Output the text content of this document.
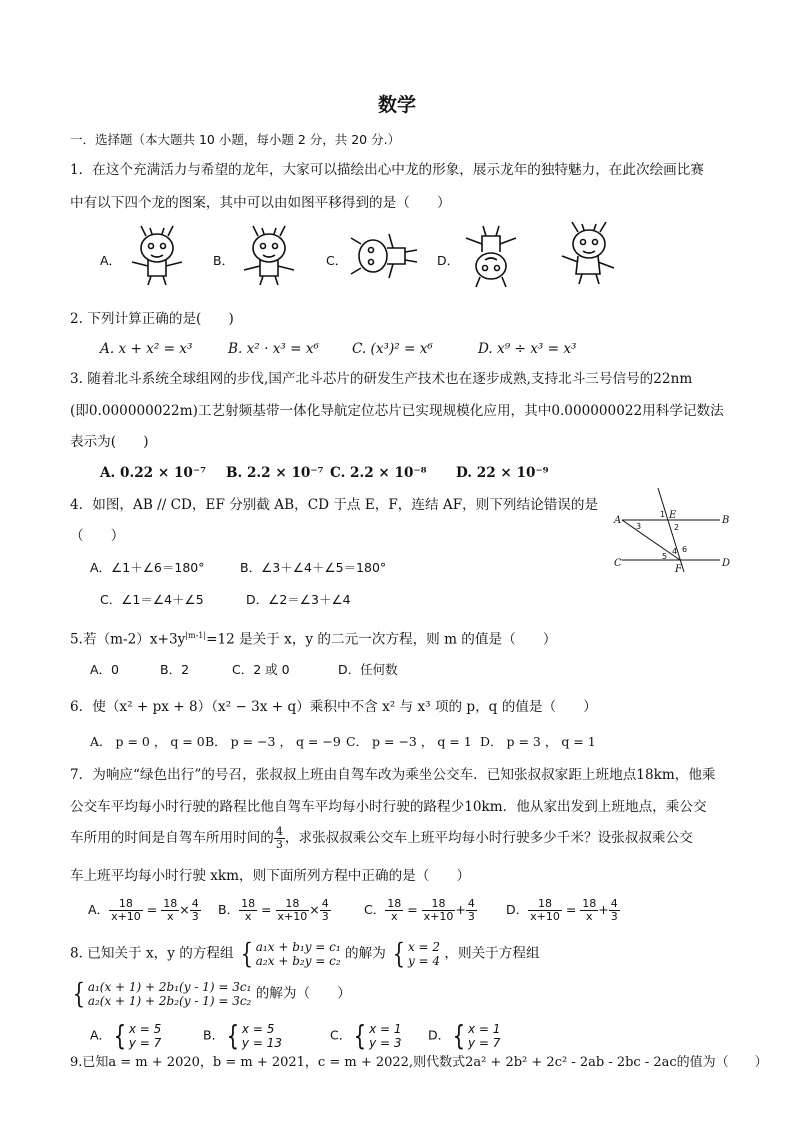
数学
一．选择题（本大题共 10 小题，每小题 2 分，共 20 分.）
1．在这个充满活力与希望的龙年，大家可以描绘出心中龙的形象，展示龙年的独特魅力，在此次绘画比赛
中有以下四个龙的图案，其中可以由如图平移得到的是（　　）
A．	B．	C．	D．
2. 下列计算正确的是(　　)
A. x + x² = x³	B. x² · x³ = x⁶ C. (x³)² = x⁶	D. x⁹ ÷ x³ = x³
3. 随着北斗系统全球组网的步伐,国产北斗芯片的研发生产技术也在逐步成熟,支持北斗三号信号的22nm
(即0.000000022m)工艺射频基带一体化导航定位芯片已实现规模化应用，其中0.000000022用科学记数法
表示为(　　)
A. 0.22 × 10⁻⁷ B. 2.2 × 10⁻⁷ C. 2.2 × 10⁻⁸ D. 22 × 10⁻⁹
4．如图，AB // CD，EF 分别截 AB，CD 于点 E，F，连结 AF，则下列结论错误的是
（　　）
A．∠1＋∠6＝180°	B．∠3＋∠4＋∠5＝180°
C．∠1＝∠4＋∠5	D．∠2＝∠3＋∠4
A	B
C	D
E
F
1
2
3
4
5
6
5.若$(m-2)x+3y^{|m-1|}=12$ 是关于 x，y 的二元一次方程，则 m 的值是（　　）
A．0	B．2	C．2 或 0	D．任何数
6．使（x² + px + 8）（x² − 3x + q）乘积中不含 x² 与 x³ 项的 p，q 的值是（　　）
A． p = 0 ， q = 0 B． p = −3 ， q = −9 C． p = −3 ， q = 1 D． p = 3 ， q = 1
7．为响应“绿色出行”的号召，张叔叔上班由自驾车改为乘坐公交车．已知张叔叔家距上班地点18km，他乘
公交车平均每小时行驶的路程比他自驾车平均每小时行驶的路程少10km．他从家出发到上班地点，乘公交
车所用的时间是自驾车所用时间的 $\frac{4}{3}$ ，求张叔叔乘公交车上班平均每小时行驶多少千米？设张叔叔乘公交
车上班平均每小时行驶 xkm，则下面所列方程中正确的是（　　）
A． $\frac{18}{x+10} = \frac{18}{x} \times \frac{4}{3}$ B． $\frac{18}{x} = \frac{18}{x+10} \times \frac{4}{3}$	C． $\frac{18}{x} = \frac{18}{x+10} + \frac{4}{3}$ D． $\frac{18}{x+10} = \frac{18}{x} + \frac{4}{3}$
8. 已知关于 x，y 的方程组 { a₁x + b₁y = c₁
a₂x + b₂y = c₂ 的解为 { x = 2
y = 4 ，则关于方程组
{ a₁(x + 1) + 2b₁(y - 1) = 3c₁
a₂(x + 1) + 2b₂(y - 1) = 3c₂ 的解为（　　）
A．{ x = 5
y = 7
B．{ x = 5
y = 13
C．{ x = 1
y = 3
D．{ x = 1
y = 7
9.已知a = m + 2020，b = m + 2021，c = m + 2022,则代数式2a² + 2b² + 2c² - 2ab - 2bc - 2ac的值为（　　）
